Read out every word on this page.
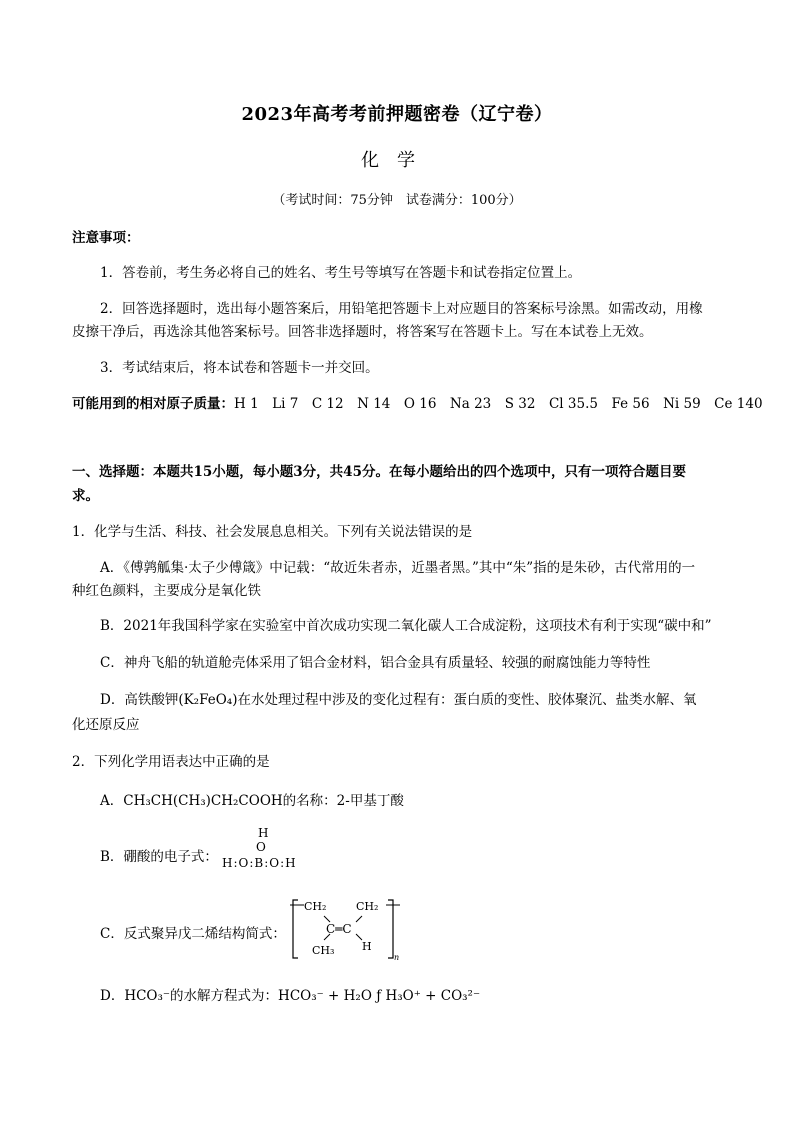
2023年高考考前押题密卷（辽宁卷）
化学
（考试时间：75分钟　试卷满分：100分）
注意事项：
1．答卷前，考生务必将自己的姓名、考生号等填写在答题卡和试卷指定位置上。
2．回答选择题时，选出每小题答案后，用铅笔把答题卡上对应题目的答案标号涂黑。如需改动，用橡
皮擦干净后，再选涂其他答案标号。回答非选择题时，将答案写在答题卡上。写在本试卷上无效。
3．考试结束后，将本试卷和答题卡一并交回。
可能用到的相对原子质量：H 1　Li 7　C 12　N 14　O 16　Na 23　S 32　Cl 35.5　Fe 56　Ni 59　Ce 140
一、选择题：本题共15小题，每小题3分，共45分。在每小题给出的四个选项中，只有一项符合题目要
求。
1．化学与生活、科技、社会发展息息相关。下列有关说法错误的是
A．《傅鹑觚集·太子少傅箴》中记载：“故近朱者赤，近墨者黑。”其中“朱”指的是朱砂，古代常用的一
种红色颜料，主要成分是氧化铁
B．2021年我国科学家在实验室中首次成功实现二氧化碳人工合成淀粉，这项技术有利于实现“碳中和”
C．神舟飞船的轨道舱壳体采用了铝合金材料，铝合金具有质量轻、较强的耐腐蚀能力等特性
D．高铁酸钾(K₂FeO₄)在水处理过程中涉及的变化过程有：蛋白质的变性、胶体聚沉、盐类水解、氧
化还原反应
2．下列化学用语表达中正确的是
A．CH₃CH(CH₃)CH₂COOH的名称：2-甲基丁酸
B．硼酸的电子式：
H
O
H:O:B:O:H
C．反式聚异戊二烯结构简式：
CH₂	CH₂
C═C
CH₃	H
n
D．HCO₃⁻的水解方程式为：HCO₃⁻ + H₂O ƒ H₃O⁺ + CO₃²⁻
